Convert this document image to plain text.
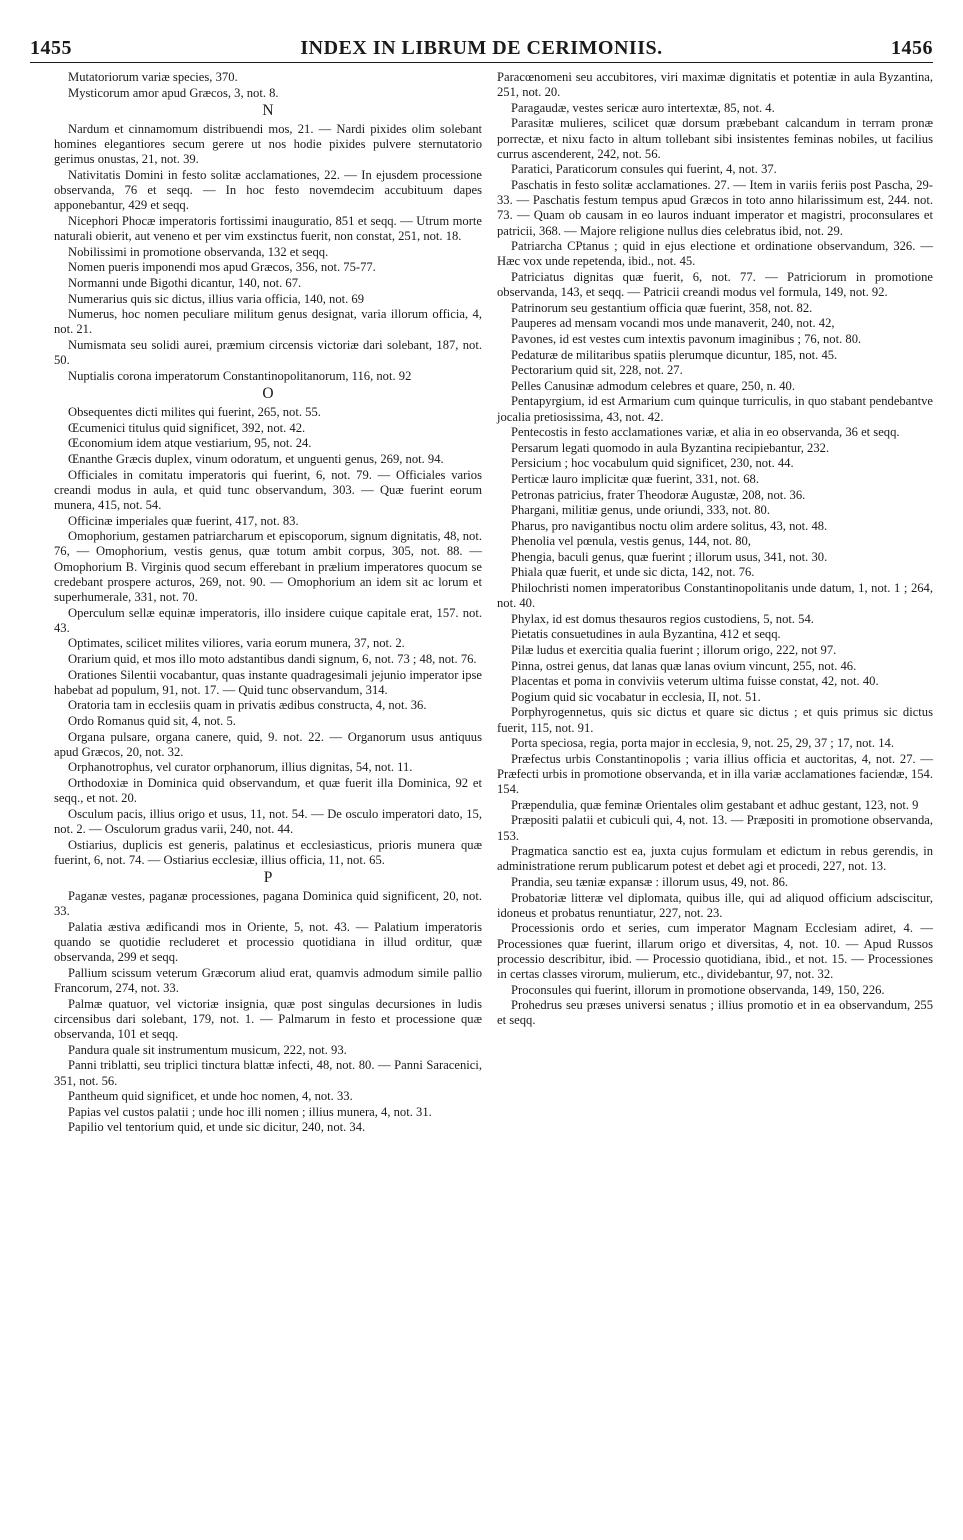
1455	INDEX IN LIBRUM DE CERIMONIIS.	1456
Mutatoriorum variæ species, 370.
Mysticorum amor apud Græcos, 3, not. 8.
N
Nardum et cinnamomum distribuendi mos, 21. — Nardi pixides olim solebant homines elegantiores secum gerere ut nos hodie pixides pulvere sternutatorio gerimus onustas, 21, not. 39.
Nativitatis Domini in festo solitæ acclamationes, 22. — In ejusdem processione observanda, 76 et seqq. — In hoc festo novemdecim accubituum dapes apponebantur, 429 et seqq.
Nicephori Phocæ imperatoris fortissimi inauguratio, 851 et seqq. — Utrum morte naturali obierit, aut veneno et per vim exstinctus fuerit, non constat, 251, not. 18.
Nobilissimi in promotione observanda, 132 et seqq.
Nomen pueris imponendi mos apud Græcos, 356, not. 75-77.
Normanni unde Bigothi dicantur, 140, not. 67.
Numerarius quis sic dictus, illius varia officia, 140, not. 69
Numerus, hoc nomen peculiare militum genus designat, varia illorum officia, 4, not. 21.
Numismata seu solidi aurei, præmium circensis victoriæ dari solebant, 187, not. 50.
Nuptialis corona imperatorum Constantinopolitanorum, 116, not. 92
O
Obsequentes dicti milites qui fuerint, 265, not. 55.
Œcumenici titulus quid significet, 392, not. 42.
Œconomium idem atque vestiarium, 95, not. 24.
Œnanthe Græcis duplex, vinum odoratum, et unguenti genus, 269, not. 94.
Officiales in comitatu imperatoris qui fuerint, 6, not. 79. — Officiales varios creandi modus in aula, et quid tunc observandum, 303. — Quæ fuerint eorum munera, 415, not. 54.
Officinæ imperiales quæ fuerint, 417, not. 83.
Omophorium, gestamen patriarcharum et episcoporum, signum dignitatis, 48, not. 76, — Omophorium, vestis genus, quæ totum ambit corpus, 305, not. 88. — Omophorium B. Virginis quod secum efferebant in prælium imperatores quocum se credebant prospere acturos, 269, not. 90. — Omophorium an idem sit ac lorum et superhumerale, 331, not. 70.
Operculum sellæ equinæ imperatoris, illo insidere cuique capitale erat, 157. not. 43.
Optimates, scilicet milites viliores, varia eorum munera, 37, not. 2.
Orarium quid, et mos illo moto adstantibus dandi signum, 6, not. 73 ; 48, not. 76.
Orationes Silentii vocabantur, quas instante quadragesimali jejunio imperator ipse habebat ad populum, 91, not. 17. — Quid tunc observandum, 314.
Oratoria tam in ecclesiis quam in privatis ædibus constructa, 4, not. 36.
Ordo Romanus quid sit, 4, not. 5.
Organa pulsare, organa canere, quid, 9. not. 22. — Organorum usus antiquus apud Græcos, 20, not. 32.
Orphanotrophus, vel curator orphanorum, illius dignitas, 54, not. 11.
Orthodoxiæ in Dominica quid observandum, et quæ fuerit illa Dominica, 92 et seqq., et not. 20.
Osculum pacis, illius origo et usus, 11, not. 54. — De osculo imperatori dato, 15, not. 2. — Osculorum gradus varii, 240, not. 44.
Ostiarius, duplicis est generis, palatinus et ecclesiasticus, prioris munera quæ fuerint, 6, not. 74. — Ostiarius ecclesiæ, illius officia, 11, not. 65.
P
Paganæ vestes, paganæ processiones, pagana Dominica quid significent, 20, not. 33.
Palatia æstiva ædificandi mos in Oriente, 5, not. 43. — Palatium imperatoris quando se quotidie recluderet et processio quotidiana in illud orditur, quæ observanda, 299 et seqq.
Pallium scissum veterum Græcorum aliud erat, quamvis admodum simile pallio Francorum, 274, not. 33.
Palmæ quatuor, vel victoriæ insignia, quæ post singulas decursiones in ludis circensibus dari solebant, 179, not. 1. — Palmarum in festo et processione quæ observanda, 101 et seqq.
Pandura quale sit instrumentum musicum, 222, not. 93.
Panni triblatti, seu triplici tinctura blattæ infecti, 48, not. 80. — Panni Saracenici, 351, not. 56.
Pantheum quid significet, et unde hoc nomen, 4, not. 33.
Papias vel custos palatii ; unde hoc illi nomen ; illius munera, 4, not. 31.
Papilio vel tentorium quid, et unde sic dicitur, 240, not. 34.
Paracœnomeni seu accubitores, viri maximæ dignitatis et potentiæ in aula Byzantina, 251, not. 20.
Paragaudæ, vestes sericæ auro intertextæ, 85, not. 4.
Parasitæ mulieres, scilicet quæ dorsum præbebant calcandum in terram pronæ porrectæ, et nixu facto in altum tollebant sibi insistentes feminas nobiles, ut facilius currus ascenderent, 242, not. 56.
Paratici, Paraticorum consules qui fuerint, 4, not. 37.
Paschatis in festo solitæ acclamationes. 27. — Item in variis feriis post Pascha, 29-33. — Paschatis festum tempus apud Græcos in toto anno hilarissimum est, 244. not. 73. — Quam ob causam in eo lauros induant imperator et magistri, proconsulares et patricii, 368. — Majore religione nullus dies celebratus ibid, not. 29.
Patriarcha CPtanus ; quid in ejus electione et ordinatione observandum, 326. — Hæc vox unde repetenda, ibid., not. 45.
Patriciatus dignitas quæ fuerit, 6, not. 77. — Patriciorum in promotione observanda, 143, et seqq. — Patricii creandi modus vel formula, 149, not. 92.
Patrinorum seu gestantium officia quæ fuerint, 358, not. 82.
Pauperes ad mensam vocandi mos unde manaverit, 240, not. 42,
Pavones, id est vestes cum intextis pavonum imaginibus ; 76, not. 80.
Pedaturæ de militaribus spatiis plerumque dicuntur, 185, not. 45.
Pectorarium quid sit, 228, not. 27.
Pelles Canusinæ admodum celebres et quare, 250, n. 40.
Pentapyrgium, id est Armarium cum quinque turriculis, in quo stabant pendebantve jocalia pretiosissima, 43, not. 42.
Pentecostis in festo acclamationes variæ, et alia in eo observanda, 36 et seqq.
Persarum legati quomodo in aula Byzantina recipiebantur, 232.
Persicium ; hoc vocabulum quid significet, 230, not. 44.
Perticæ lauro implicitæ quæ fuerint, 331, not. 68.
Petronas patricius, frater Theodoræ Augustæ, 208, not. 36.
Phargani, militiæ genus, unde oriundi, 333, not. 80.
Pharus, pro navigantibus noctu olim ardere solitus, 43, not. 48.
Phenolia vel pœnula, vestis genus, 144, not. 80,
Phengia, baculi genus, quæ fuerint ; illorum usus, 341, not. 30.
Phiala quæ fuerit, et unde sic dicta, 142, not. 76.
Philochristi nomen imperatoribus Constantinopolitanis unde datum, 1, not. 1 ; 264, not. 40.
Phylax, id est domus thesauros regios custodiens, 5, not. 54.
Pietatis consuetudines in aula Byzantina, 412 et seqq.
Pilæ ludus et exercitia qualia fuerint ; illorum origo, 222, not 97.
Pinna, ostrei genus, dat lanas quæ lanas ovium vincunt, 255, not. 46.
Placentas et poma in conviviis veterum ultima fuisse constat, 42, not. 40.
Pogium quid sic vocabatur in ecclesia, II, not. 51.
Porphyrogennetus, quis sic dictus et quare sic dictus ; et quis primus sic dictus fuerit, 115, not. 91.
Porta speciosa, regia, porta major in ecclesia, 9, not. 25, 29, 37 ; 17, not. 14.
Præfectus urbis Constantinopolis ; varia illius officia et auctoritas, 4, not. 27. — Præfecti urbis in promotione observanda, et in illa variæ acclamationes faciendæ, 154. 154.
Præpendulia, quæ feminæ Orientales olim gestabant et adhuc gestant, 123, not. 9
Præpositi palatii et cubiculi qui, 4, not. 13. — Præpositi in promotione observanda, 153.
Pragmatica sanctio est ea, juxta cujus formulam et edictum in rebus gerendis, in administratione rerum publicarum potest et debet agi et procedi, 227, not. 13.
Prandia, seu tæniæ expansæ : illorum usus, 49, not. 86.
Probatoriæ litteræ vel diplomata, quibus ille, qui ad aliquod officium adsciscitur, idoneus et probatus renuntiatur, 227, not. 23.
Processionis ordo et series, cum imperator Magnam Ecclesiam adiret, 4. — Processiones quæ fuerint, illarum origo et diversitas, 4, not. 10. — Apud Russos processio describitur, ibid. — Processio quotidiana, ibid., et not. 15. — Processiones in certas classes virorum, mulierum, etc., dividebantur, 97, not. 32.
Proconsules qui fuerint, illorum in promotione observanda, 149, 150, 226.
Prohedrus seu præses universi senatus ; illius promotio et in ea observandum, 255 et seqq.
